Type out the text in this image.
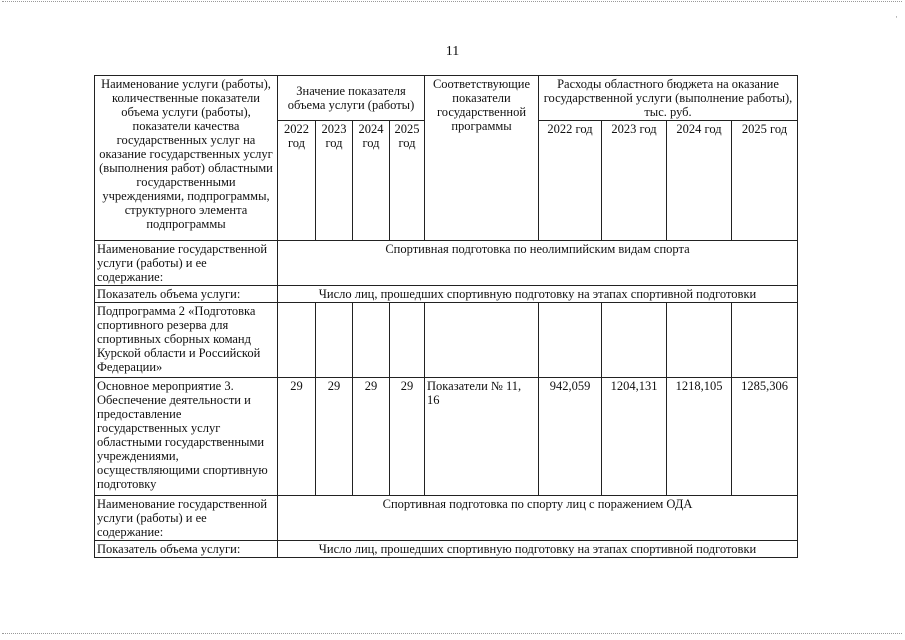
·
11
Наименование услуги (работы), количественные показатели объема услуги (работы), показатели качества государственных услуг на оказание государственных услуг (выполнения работ) областными государственными учреждениями, подпрограммы, структурного элемента подпрограммы	Значение показателя объема услуги (работы)				Соответствующие показатели государственной программы	Расходы областного бюджета на оказание государственной услуги (выполнение работы), тыс. руб.			
	2022 год	2023 год	2024 год	2025 год		2022 год	2023 год	2024 год	2025 год
Наименование государственной услуги (работы) и ее содержание:	Спортивная подготовка по неолимпийским видам спорта								
Показатель объема услуги:	Число лиц, прошедших спортивную подготовку на этапах спортивной подготовки								
Подпрограмма 2 «Подготовка спортивного резерва для спортивных сборных команд Курской области и Российской Федерации»									
Основное мероприятие 3. Обеспечение деятельности и предоставление государственных услуг областными государственными учреждениями, осуществляющими спортивную подготовку	29	29	29	29	Показатели № 11, 16	942,059	1204,131	1218,105	1285,306
Наименование государственной услуги (работы) и ее содержание:	Спортивная подготовка по спорту лиц с поражением ОДА								
Показатель объема услуги:	Число лиц, прошедших спортивную подготовку на этапах спортивной подготовки								
